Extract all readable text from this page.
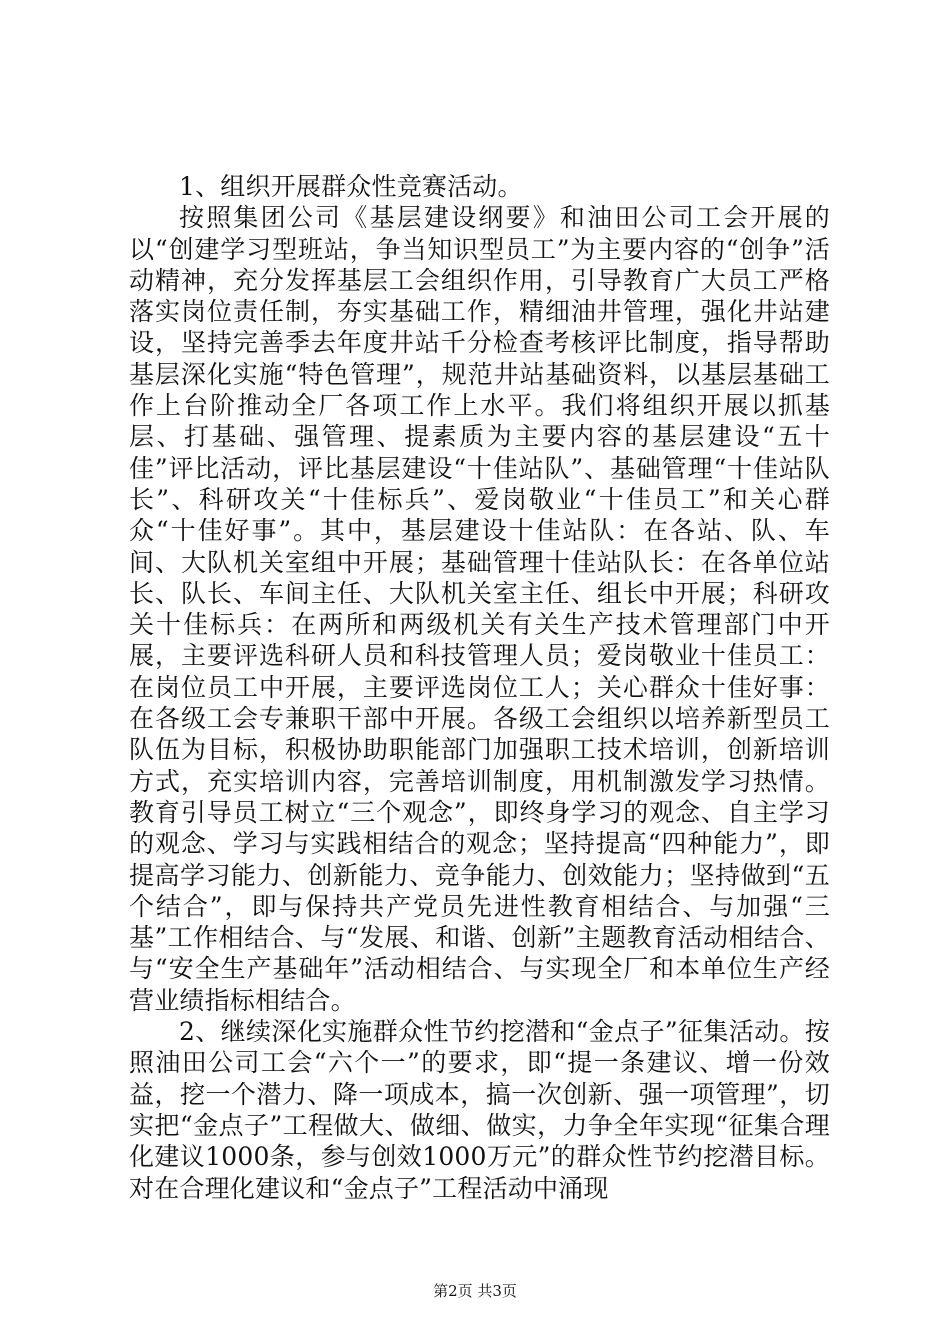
1、组织开展群众性竞赛活动。

按照集团公司《基层建设纲要》和油田公司工会开展的以“创建学习型班站，争当知识型员工”为主要内容的“创争”活动精神，充分发挥基层工会组织作用，引导教育广大员工严格落实岗位责任制，夯实基础工作，精细油井管理，强化井站建设，坚持完善季去年度井站千分检查考核评比制度，指导帮助基层深化实施“特色管理”，规范井站基础资料，以基层基础工作上台阶推动全厂各项工作上水平。我们将组织开展以抓基层、打基础、强管理、提素质为主要内容的基层建设“五十佳”评比活动，评比基层建设“十佳站队”、基础管理“十佳站队长”、科研攻关“十佳标兵”、爱岗敬业“十佳员工”和关心群众“十佳好事”。其中，基层建设十佳站队：在各站、队、车间、大队机关室组中开展；基础管理十佳站队长：在各单位站长、队长、车间主任、大队机关室主任、组长中开展；科研攻关十佳标兵：在两所和两级机关有关生产技术管理部门中开展，主要评选科研人员和科技管理人员；爱岗敬业十佳员工：在岗位员工中开展，主要评选岗位工人；关心群众十佳好事：在各级工会专兼职干部中开展。各级工会组织以培养新型员工队伍为目标，积极协助职能部门加强职工技术培训，创新培训方式，充实培训内容，完善培训制度，用机制激发学习热情。教育引导员工树立“三个观念”，即终身学习的观念、自主学习的观念、学习与实践相结合的观念；坚持提高“四种能力”，即提高学习能力、创新能力、竞争能力、创效能力；坚持做到“五个结合”，即与保持共产党员先进性教育相结合、与加强“三基”工作相结合、与“发展、和谐、创新”主题教育活动相结合、与“安全生产基础年”活动相结合、与实现全厂和本单位生产经营业绩指标相结合。

2、继续深化实施群众性节约挖潜和“金点子”征集活动。按照油田公司工会“六个一”的要求，即“提一条建议、增一份效益，挖一个潜力、降一项成本，搞一次创新、强一项管理”，切实把“金点子”工程做大、做细、做实，力争全年实现“征集合理化建议1000条，参与创效1000万元”的群众性节约挖潜目标。对在合理化建议和“金点子”工程活动中涌现

第2页 共3页
